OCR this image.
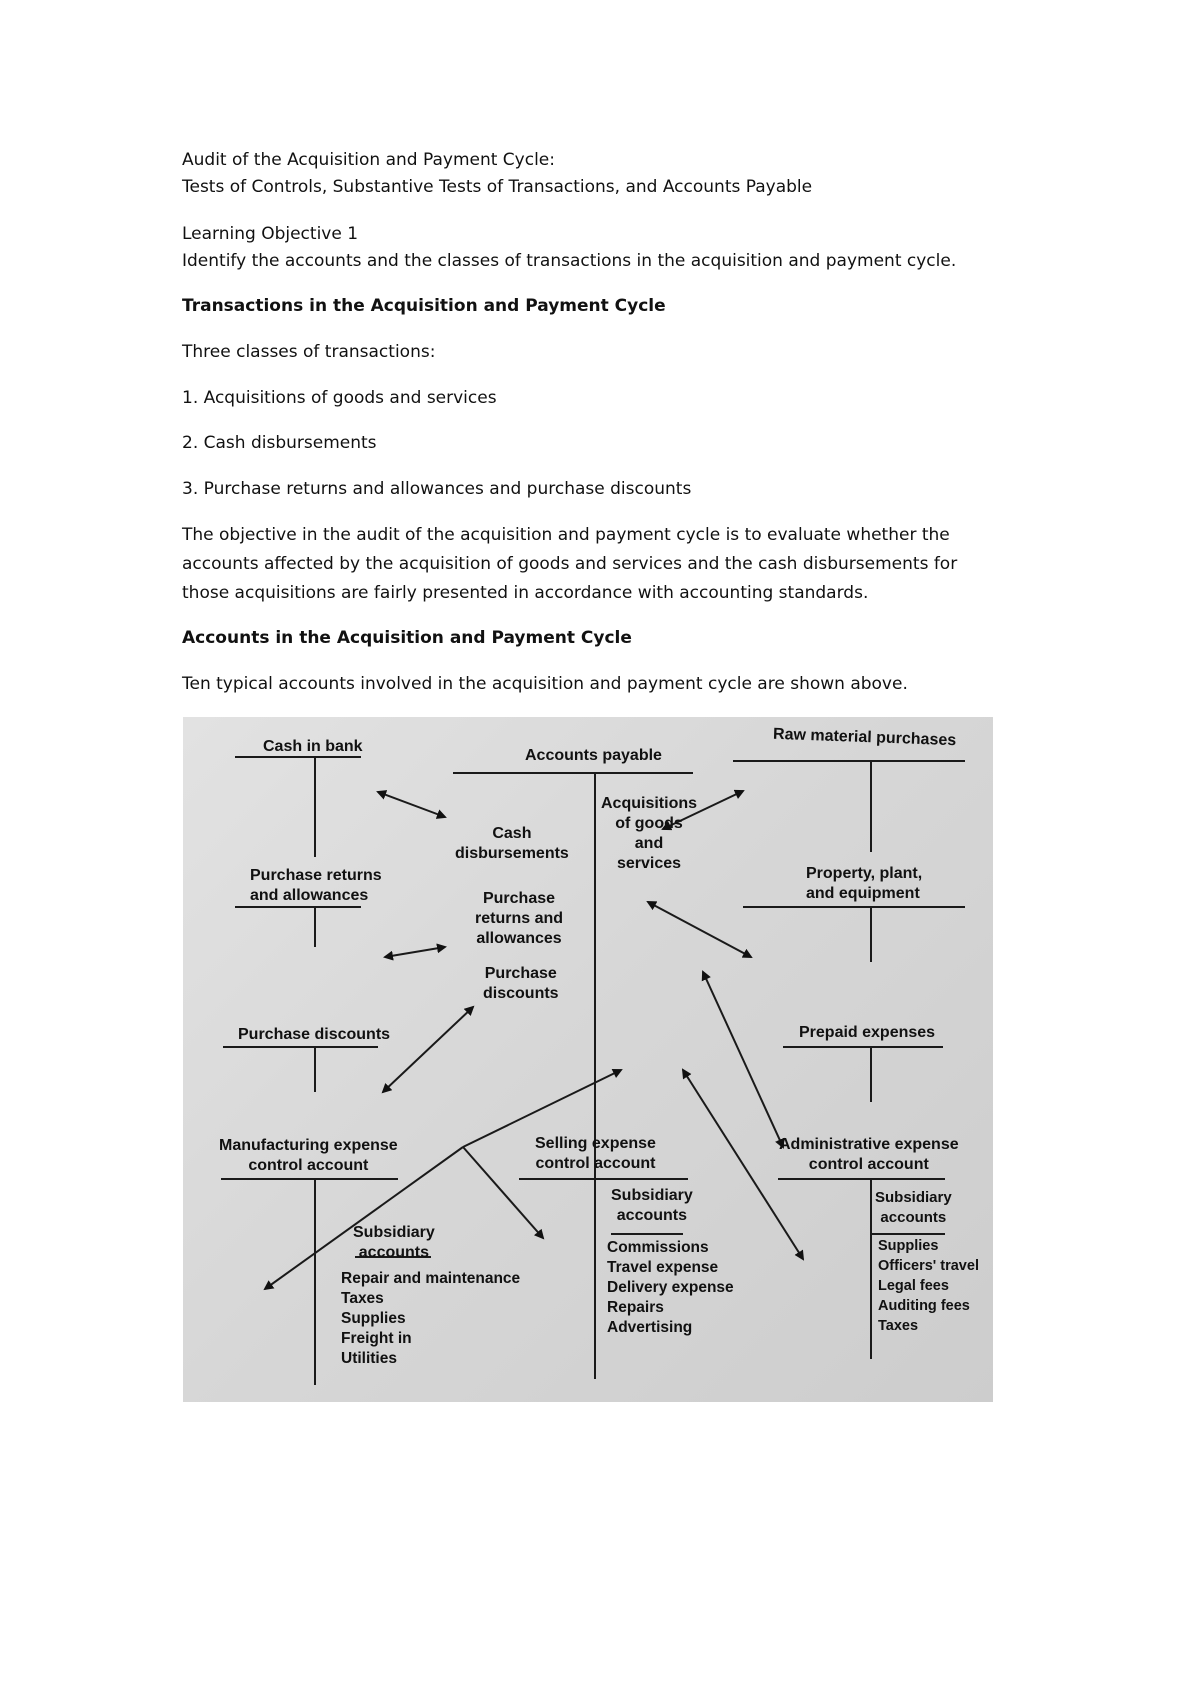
Audit of the Acquisition and Payment Cycle:
Tests of Controls, Substantive Tests of Transactions, and Accounts Payable
Learning Objective 1
Identify the accounts and the classes of transactions in the acquisition and payment cycle.
Transactions in the Acquisition and Payment Cycle
Three classes of transactions:
1. Acquisitions of goods and services
2. Cash disbursements
3. Purchase returns and allowances and purchase discounts
The objective in the audit of the acquisition and payment cycle is to evaluate whether the
accounts affected by the acquisition of goods and services and the cash disbursements for
those acquisitions are fairly presented in accordance with accounting standards.
Accounts in the Acquisition and Payment Cycle
Ten typical accounts involved in the acquisition and payment cycle are shown above.
Cash in bank
Accounts payable
Raw material purchases
Purchase returns
and allowances
Property, plant,
and equipment
Purchase discounts	Prepaid expenses
Manufacturing expense
control account
Selling expense
control account
Administrative expense
control account
Cash
disbursements
Acquisitions
of goods
and
services
Purchase
returns and
allowances
Purchase
discounts
Subsidiary
accounts
Subsidiary
accounts
Subsidiary
accounts
Repair and maintenance
Taxes
Supplies
Freight in
Utilities
Commissions
Travel expense
Delivery expense
Repairs
Advertising
Supplies
Officers' travel
Legal fees
Auditing fees
Taxes
